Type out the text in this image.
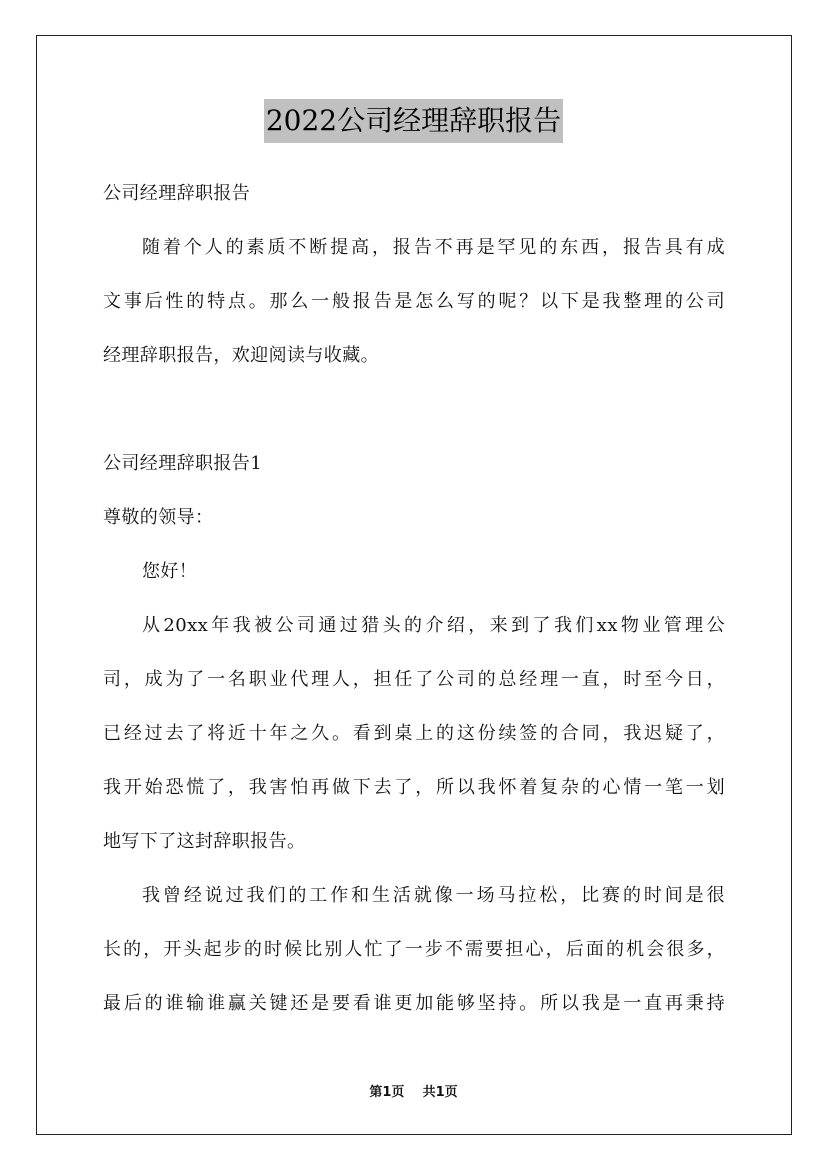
2022公司经理辞职报告
公司经理辞职报告
随着个人的素质不断提高，报告不再是罕见的东西，报告具有成
文事后性的特点。那么一般报告是怎么写的呢？以下是我整理的公司
经理辞职报告，欢迎阅读与收藏。
公司经理辞职报告1
尊敬的领导：
您好！
从20xx年我被公司通过猎头的介绍，来到了我们xx物业管理公
司，成为了一名职业代理人，担任了公司的总经理一直，时至今日，
已经过去了将近十年之久。看到桌上的这份续签的合同，我迟疑了，
我开始恐慌了，我害怕再做下去了，所以我怀着复杂的心情一笔一划
地写下了这封辞职报告。
我曾经说过我们的工作和生活就像一场马拉松，比赛的时间是很
长的，开头起步的时候比别人忙了一步不需要担心，后面的机会很多，
最后的谁输谁赢关键还是要看谁更加能够坚持。所以我是一直再秉持
第1页 共1页
